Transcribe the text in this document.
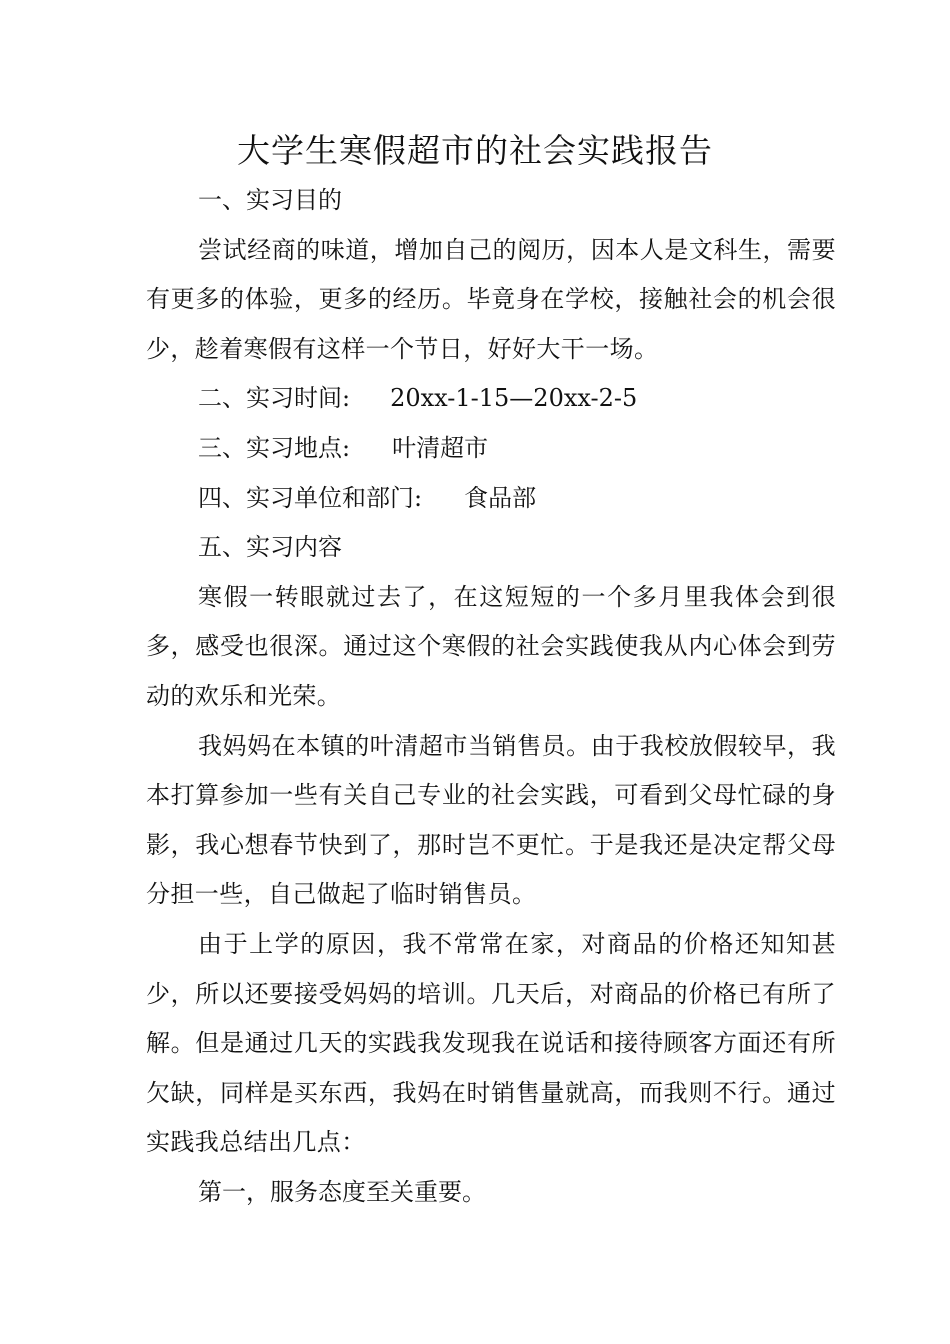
大学生寒假超市的社会实践报告

一、实习目的

尝试经商的味道，增加自己的阅历，因本人是文科生，需要有更多的体验，更多的经历。毕竟身在学校，接触社会的机会很少，趁着寒假有这样一个节日，好好大干一场。

二、实习时间: 20xx-1-15—20xx-2-5

三、实习地点: 叶清超市

四、实习单位和部门: 食品部

五、实习内容

寒假一转眼就过去了，在这短短的一个多月里我体会到很多，感受也很深。通过这个寒假的社会实践使我从内心体会到劳动的欢乐和光荣。

我妈妈在本镇的叶清超市当销售员。由于我校放假较早，我本打算参加一些有关自己专业的社会实践，可看到父母忙碌的身影，我心想春节快到了，那时岂不更忙。于是我还是决定帮父母分担一些，自己做起了临时销售员。

由于上学的原因，我不常常在家，对商品的价格还知知甚少，所以还要接受妈妈的培训。几天后，对商品的价格已有所了解。但是通过几天的实践我发现我在说话和接待顾客方面还有所欠缺，同样是买东西，我妈在时销售量就高，而我则不行。通过实践我总结出几点：

第一，服务态度至关重要。
